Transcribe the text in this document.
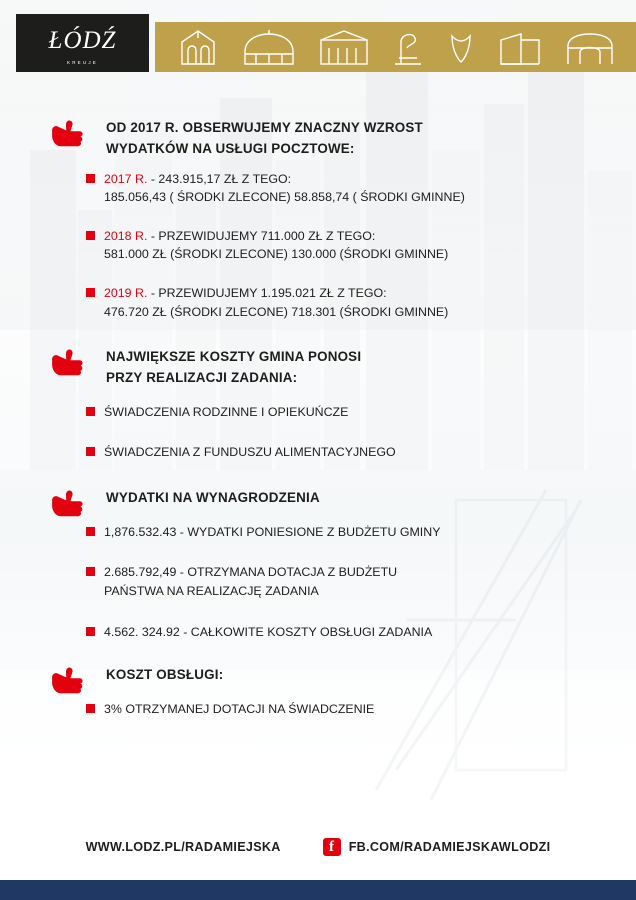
ŁÓDŹ
KREUJE
OD 2017 R. OBSERWUJEMY ZNACZNY WZROST
WYDATKÓW NA USŁUGI POCZTOWE:
2017 R. - 243.915,17 ZŁ Z TEGO:
185.056,43 ( ŚRODKI ZLECONE) 58.858,74 ( ŚRODKI GMINNE)
2018 R. - PRZEWIDUJEMY 711.000 ZŁ Z TEGO:
581.000 ZŁ (ŚRODKI ZLECONE) 130.000 (ŚRODKI GMINNE)
2019 R. - PRZEWIDUJEMY 1.195.021 ZŁ Z TEGO:
476.720 ZŁ (ŚRODKI ZLECONE) 718.301 (ŚRODKI GMINNE)
NAJWIĘKSZE KOSZTY GMINA PONOSI
PRZY REALIZACJI ZADANIA:
ŚWIADCZENIA RODZINNE I OPIEKUŃCZE
ŚWIADCZENIA Z FUNDUSZU ALIMENTACYJNEGO
WYDATKI NA WYNAGRODZENIA
1,876.532.43 - WYDATKI PONIESIONE Z BUDŻETU GMINY
2.685.792,49 - OTRZYMANA DOTACJA Z BUDŻETU
PAŃSTWA NA REALIZACJĘ ZADANIA
4.562. 324.92 - CAŁKOWITE KOSZTY OBSŁUGI ZADANIA
KOSZT OBSŁUGI:
3% OTRZYMANEJ DOTACJI NA ŚWIADCZENIE
WWW.LODZ.PL/RADAMIEJSKA	f	FB.COM/RADAMIEJSKAWLODZI
